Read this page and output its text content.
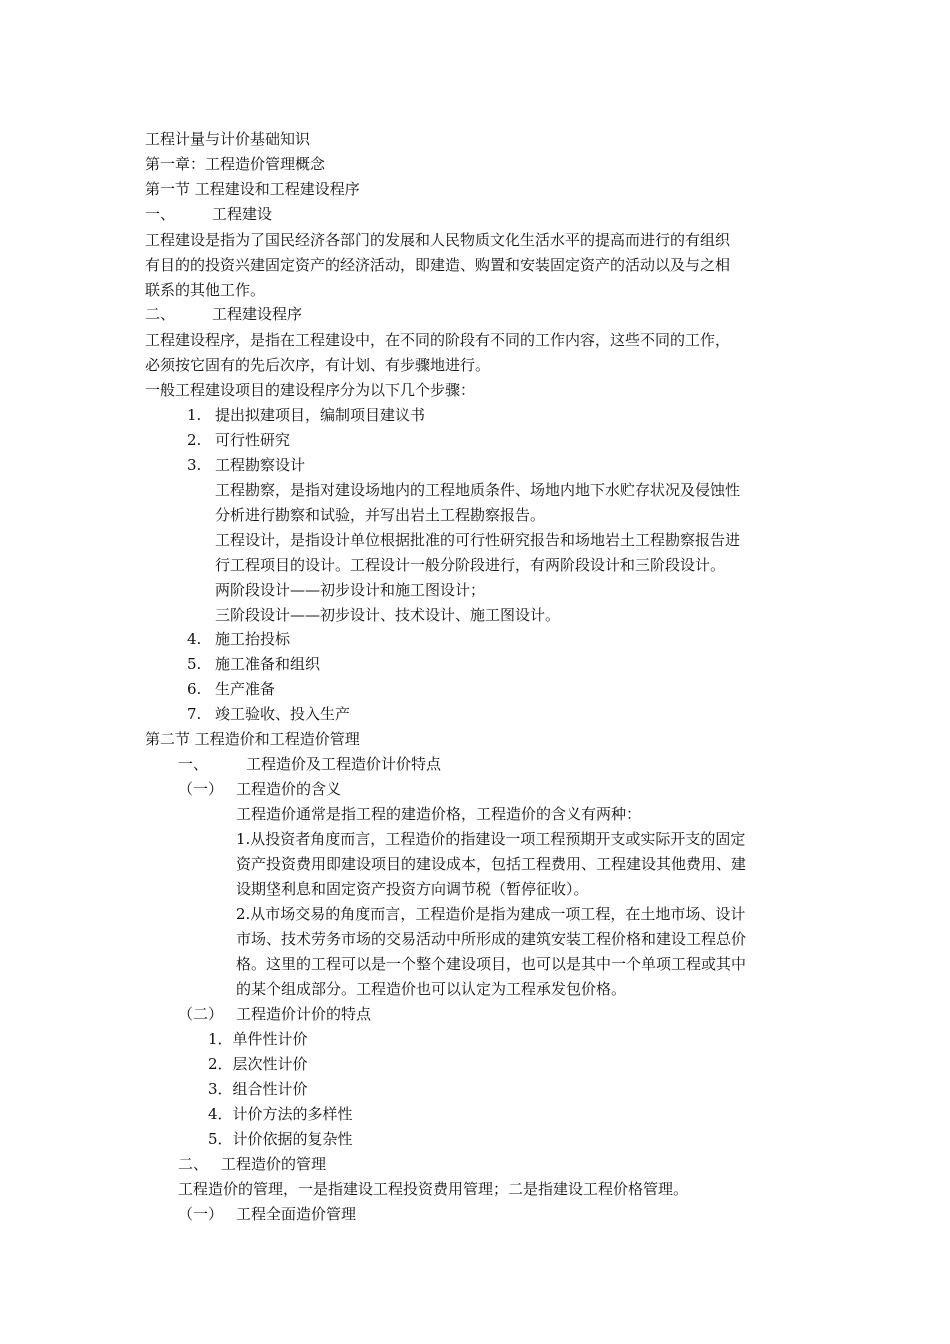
工程计量与计价基础知识
第一章：工程造价管理概念
第一节 工程建设和工程建设程序
一、 工程建设
工程建设是指为了国民经济各部门的发展和人民物质文化生活水平的提高而进行的有组织
有目的的投资兴建固定资产的经济活动，即建造、购置和安装固定资产的活动以及与之相
联系的其他工作。
二、 工程建设程序
工程建设程序，是指在工程建设中，在不同的阶段有不同的工作内容，这些不同的工作，
必须按它固有的先后次序，有计划、有步骤地进行。
一般工程建设项目的建设程序分为以下几个步骤：
1. 提出拟建项目，编制项目建议书
2. 可行性研究
3. 工程勘察设计
工程勘察，是指对建设场地内的工程地质条件、场地内地下水贮存状况及侵蚀性
分析进行勘察和试验，并写出岩土工程勘察报告。
工程设计，是指设计单位根据批准的可行性研究报告和场地岩土工程勘察报告进
行工程项目的设计。工程设计一般分阶段进行，有两阶段设计和三阶段设计。
两阶段设计——初步设计和施工图设计；
三阶段设计——初步设计、技术设计、施工图设计。
4. 施工抬投标
5. 施工准备和组织
6. 生产准备
7. 竣工验收、投入生产
第二节 工程造价和工程造价管理
一、	工程造价及工程造价计价特点
（一） 工程造价的含义
工程造价通常是指工程的建造价格，工程造价的含义有两种：
1.从投资者角度而言，工程造价的指建设一项工程预期开支或实际开支的固定
资产投资费用即建设项目的建设成本，包括工程费用、工程建设其他费用、建
设期垡利息和固定资产投资方向调节税（暂停征收）。
2.从市场交易的角度而言，工程造价是指为建成一项工程，在土地市场、设计
市场、技术劳务市场的交易活动中所形成的建筑安装工程价格和建设工程总价
格。这里的工程可以是一个整个建设项目，也可以是其中一个单项工程或其中
的某个组成部分。工程造价也可以认定为工程承发包价格。
（二） 工程造价计价的特点
1．单件性计价
2．层次性计价
3．组合性计价
4．计价方法的多样性
5．计价依据的复杂性
二、 工程造价的管理
工程造价的管理，一是指建设工程投资费用管理；二是指建设工程价格管理。
（一） 工程全面造价管理
